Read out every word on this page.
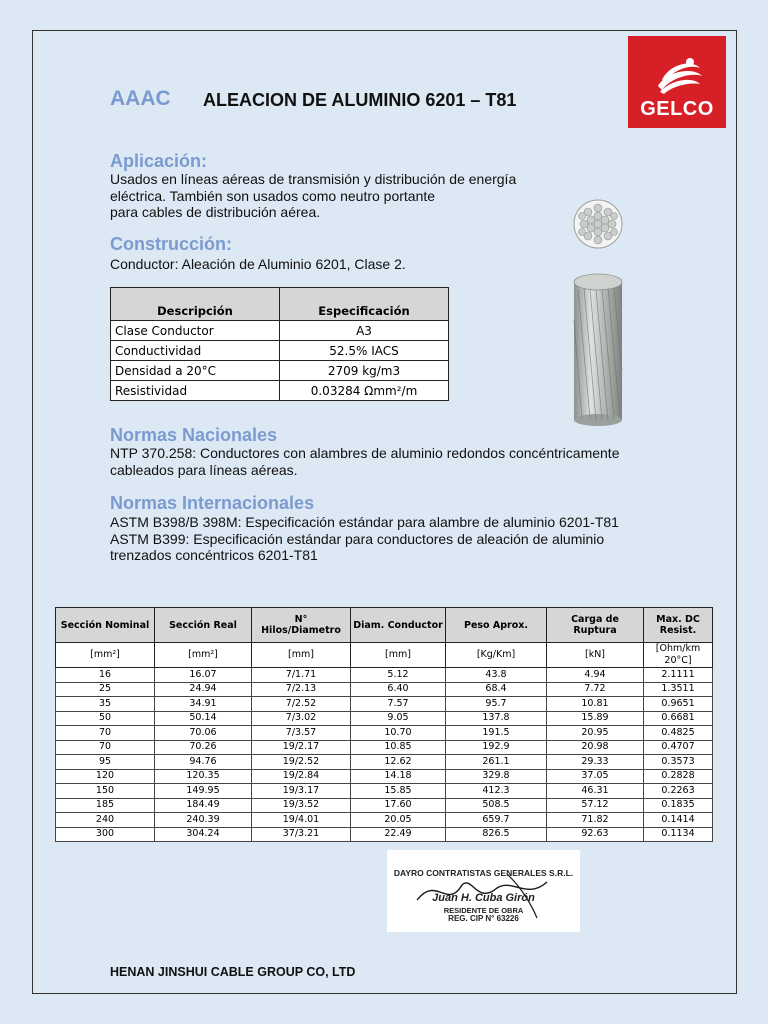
GELCO
AAAC ALEACION DE ALUMINIO 6201 – T81
Aplicación:
Usados en líneas aéreas de transmisión y distribución de energía
eléctrica. También son usados como neutro portante
para cables de distribución aérea.
Construcción:
Conductor: Aleación de Aluminio 6201, Clase 2.
Descripción	Especificación
Clase Conductor	A3
Conductividad	52.5% IACS
Densidad a 20°C	2709 kg/m3
Resistividad	0.03284 Ωmm²/m
Normas Nacionales
NTP 370.258: Conductores con alambres de aluminio redondos concéntricamente
cableados para líneas aéreas.
Normas Internacionales
ASTM B398/B 398M: Especificación estándar para alambre de aluminio 6201-T81
ASTM B399: Especificación estándar para conductores de aleación de aluminio
trenzados concéntricos 6201-T81
Sección Nominal	Sección Real	N° Hilos/Diametro	Diam. Conductor	Peso Aprox.	Carga de Ruptura	Max. DC Resist.
[mm²]	[mm²]	[mm]	[mm]	[Kg/Km]	[kN]	[Ohm/km 20°C]
16	16.07	7/1.71	5.12	43.8	4.94	2.1111
25	24.94	7/2.13	6.40	68.4	7.72	1.3511
35	34.91	7/2.52	7.57	95.7	10.81	0.9651
50	50.14	7/3.02	9.05	137.8	15.89	0.6681
70	70.06	7/3.57	10.70	191.5	20.95	0.4825
70	70.26	19/2.17	10.85	192.9	20.98	0.4707
95	94.76	19/2.52	12.62	261.1	29.33	0.3573
120	120.35	19/2.84	14.18	329.8	37.05	0.2828
150	149.95	19/3.17	15.85	412.3	46.31	0.2263
185	184.49	19/3.52	17.60	508.5	57.12	0.1835
240	240.39	19/4.01	20.05	659.7	71.82	0.1414
300	304.24	37/3.21	22.49	826.5	92.63	0.1134
DAYRO CONTRATISTAS GENERALES S.R.L.
Juan H. Cuba Girón
RESIDENTE DE OBRA
REG. CIP N° 63226
HENAN JINSHUI CABLE GROUP CO, LTD
